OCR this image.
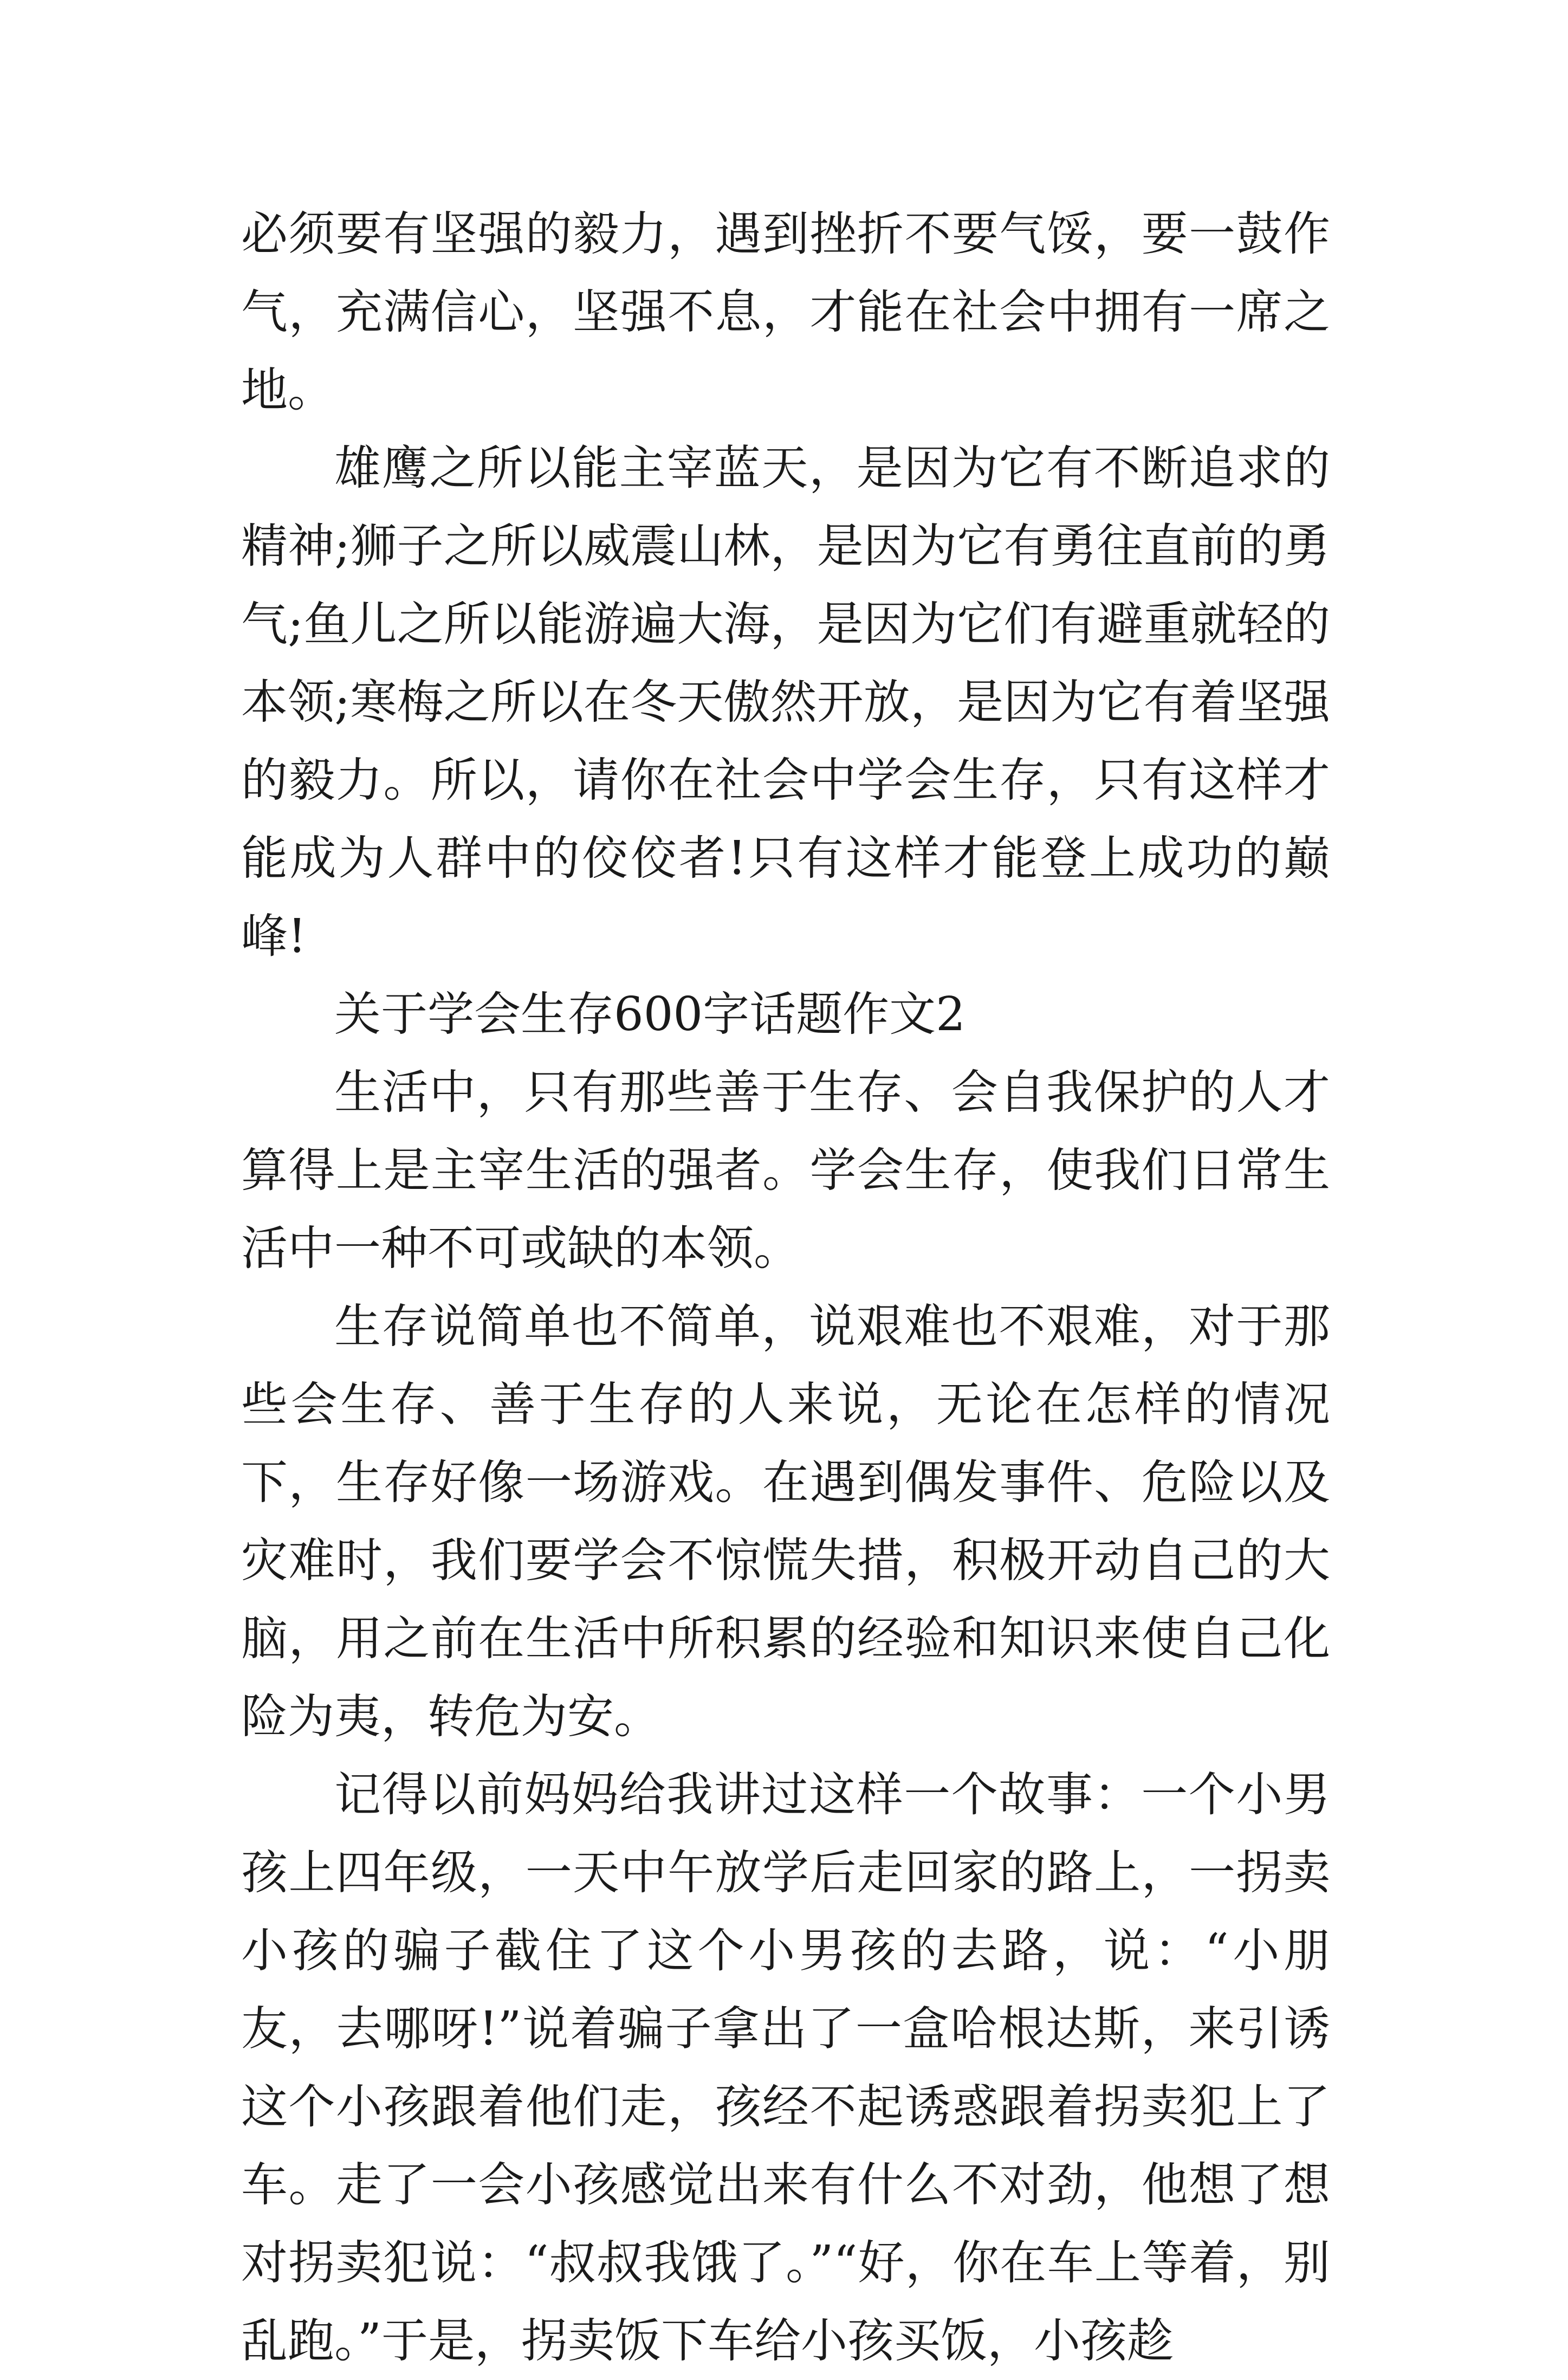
必须要有坚强的毅力，遇到挫折不要气馁，要一鼓作气，充满信心，坚强不息，才能在社会中拥有一席之地。

雄鹰之所以能主宰蓝天，是因为它有不断追求的精神;狮子之所以威震山林，是因为它有勇往直前的勇气;鱼儿之所以能游遍大海，是因为它们有避重就轻的本领;寒梅之所以在冬天傲然开放，是因为它有着坚强的毅力。所以，请你在社会中学会生存，只有这样才能成为人群中的佼佼者!只有这样才能登上成功的巅峰!

关于学会生存600字话题作文2

生活中，只有那些善于生存、会自我保护的人才算得上是主宰生活的强者。学会生存，使我们日常生活中一种不可或缺的本领。

生存说简单也不简单，说艰难也不艰难，对于那些会生存、善于生存的人来说，无论在怎样的情况下，生存好像一场游戏。在遇到偶发事件、危险以及灾难时，我们要学会不惊慌失措，积极开动自己的大脑，用之前在生活中所积累的经验和知识来使自己化险为夷，转危为安。

记得以前妈妈给我讲过这样一个故事：一个小男孩上四年级，一天中午放学后走回家的路上，一拐卖小孩的骗子截住了这个小男孩的去路，说：“小朋友，去哪呀!”说着骗子拿出了一盒哈根达斯，来引诱这个小孩跟着他们走，孩经不起诱惑跟着拐卖犯上了车。走了一会小孩感觉出来有什么不对劲，他想了想对拐卖犯说：“叔叔我饿了。”“好，你在车上等着，别乱跑。”于是，拐卖饭下车给小孩买饭，小孩趁
